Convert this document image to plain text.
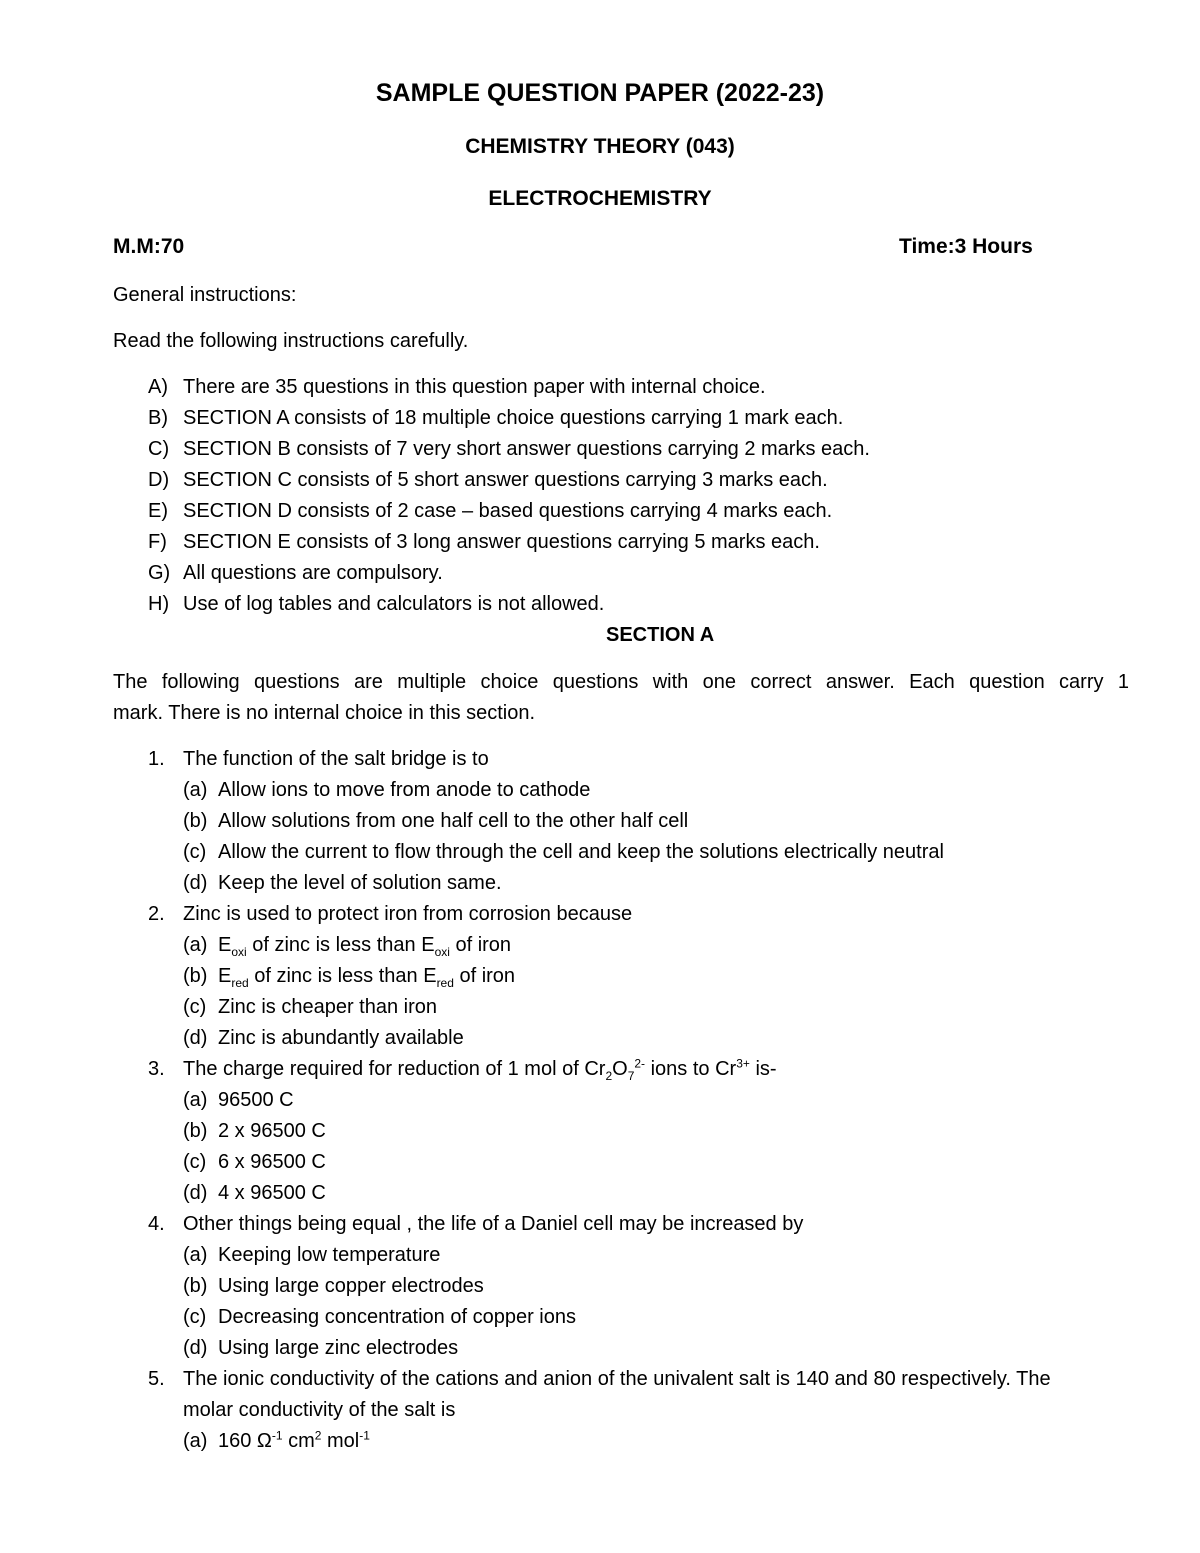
SAMPLE QUESTION PAPER (2022-23)
CHEMISTRY THEORY (043)
ELECTROCHEMISTRY
M.M:70	Time:3 Hours
General instructions:
Read the following instructions carefully.
A) There are 35 questions in this question paper with internal choice.
B) SECTION A consists of 18 multiple choice questions carrying 1 mark each.
C) SECTION B consists of 7 very short answer questions carrying 2 marks each.
D) SECTION C consists of 5 short answer questions carrying 3 marks each.
E) SECTION D consists of 2 case – based questions carrying 4 marks each.
F) SECTION E consists of 3 long answer questions carrying 5 marks each.
G) All questions are compulsory.
H) Use of log tables and calculators is not allowed.
SECTION A
The following questions are multiple choice questions with one correct answer. Each question carry 1
mark. There is no internal choice in this section.
1. The function of the salt bridge is to
(a) Allow ions to move from anode to cathode
(b) Allow solutions from one half cell to the other half cell
(c) Allow the current to flow through the cell and keep the solutions electrically neutral
(d) Keep the level of solution same.
2. Zinc is used to protect iron from corrosion because
(a) $E_{oxi}$ of zinc is less than $E_{oxi}$ of iron
(b) $E_{red}$ of zinc is less than $E_{red}$ of iron
(c) Zinc is cheaper than iron
(d) Zinc is abundantly available
3. The charge required for reduction of 1 mol of $Cr_2O_7^{2-}$ ions to $Cr^{3+}$ is-
(a) 96500 C
(b) 2 x 96500 C
(c) 6 x 96500 C
(d) 4 x 96500 C
4. Other things being equal , the life of a Daniel cell may be increased by
(a) Keeping low temperature
(b) Using large copper electrodes
(c) Decreasing concentration of copper ions
(d) Using large zinc electrodes
5. The ionic conductivity of the cations and anion of the univalent salt is 140 and 80 respectively. The
molar conductivity of the salt is
(a) 160 $\Omega^{-1}$ $cm^2$ mol$^{-1}$
